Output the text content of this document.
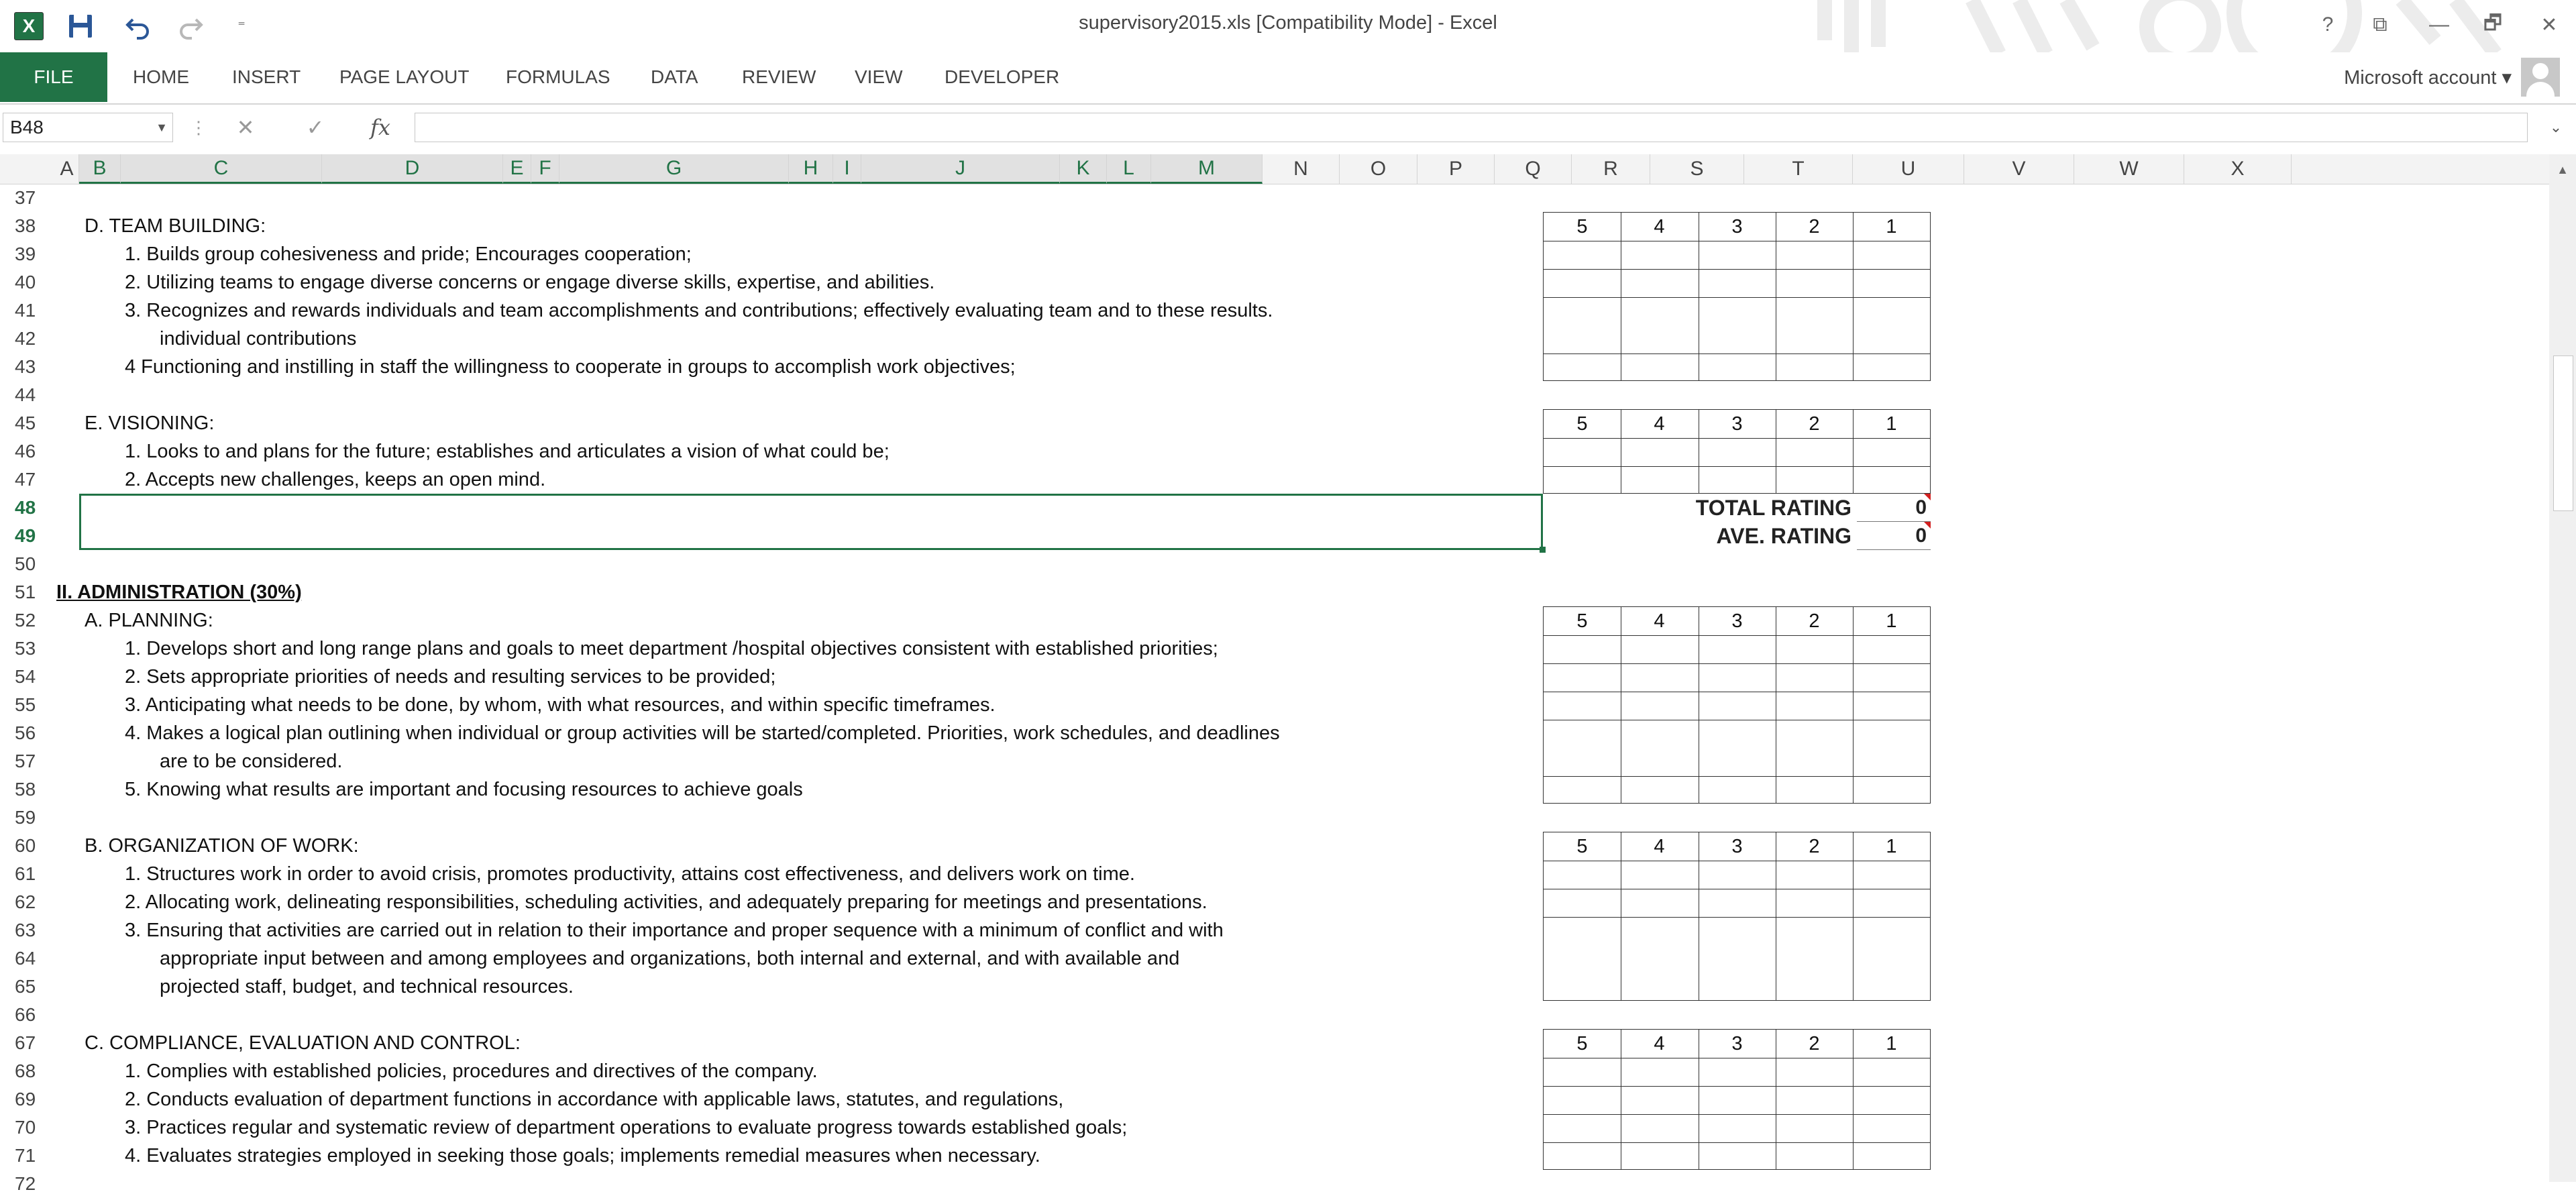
X	⁼	supervisory2015.xls [Compatibility Mode] - Excel	? ⧉ — 🗗 ✕
FILE	HOME	INSERT	PAGE LAYOUT	FORMULAS	DATA	REVIEW	VIEW	DEVELOPER	Microsoft account ▾
B48	▼	⋮ ✕ ✓	fx	⌄
A B	C	D	E F	G	H	I	J	K	L	M	N	O	P	Q	R	S	T	U	V	W	X
37
38
39
40
41
42
43
44
45
46
47
48
49
50
51
52
53
54
55
56
57
58
59
60
61
62
63
64
65
66
67
68
69
70
71
72
D. TEAM BUILDING:
1. Builds group cohesiveness and pride; Encourages cooperation;
2. Utilizing teams to engage diverse concerns or engage diverse skills, expertise, and abilities.
3. Recognizes and rewards individuals and team accomplishments and contributions; effectively evaluating team and to these results.
individual contributions
4 Functioning and instilling in staff the willingness to cooperate in groups to accomplish work objectives;
5	4	3	2	1
E. VISIONING:
1. Looks to and plans for the future; establishes and articulates a vision of what could be;
2. Accepts new challenges, keeps an open mind.
5	4	3	2	1
TOTAL RATING	0
AVE. RATING	0
II. ADMINISTRATION (30%)
A. PLANNING:
1. Develops short and long range plans and goals to meet department /hospital objectives consistent with established priorities;
2. Sets appropriate priorities of needs and resulting services to be provided;
3. Anticipating what needs to be done, by whom, with what resources, and within specific timeframes.
4. Makes a logical plan outlining when individual or group activities will be started/completed. Priorities, work schedules, and deadlines
are to be considered.
5. Knowing what results are important and focusing resources to achieve goals
5	4	3	2	1
B. ORGANIZATION OF WORK:
1. Structures work in order to avoid crisis, promotes productivity, attains cost effectiveness, and delivers work on time.
2. Allocating work, delineating responsibilities, scheduling activities, and adequately preparing for meetings and presentations.
3. Ensuring that activities are carried out in relation to their importance and proper sequence with a minimum of conflict and with
appropriate input between and among employees and organizations, both internal and external, and with available and
projected staff, budget, and technical resources.
5	4	3	2	1
C. COMPLIANCE, EVALUATION AND CONTROL:
1. Complies with established policies, procedures and directives of the company.
2. Conducts evaluation of department functions in accordance with applicable laws, statutes, and regulations,
3. Practices regular and systematic review of department operations to evaluate progress towards established goals;
4. Evaluates strategies employed in seeking those goals; implements remedial measures when necessary.
5	4	3	2	1
▲
